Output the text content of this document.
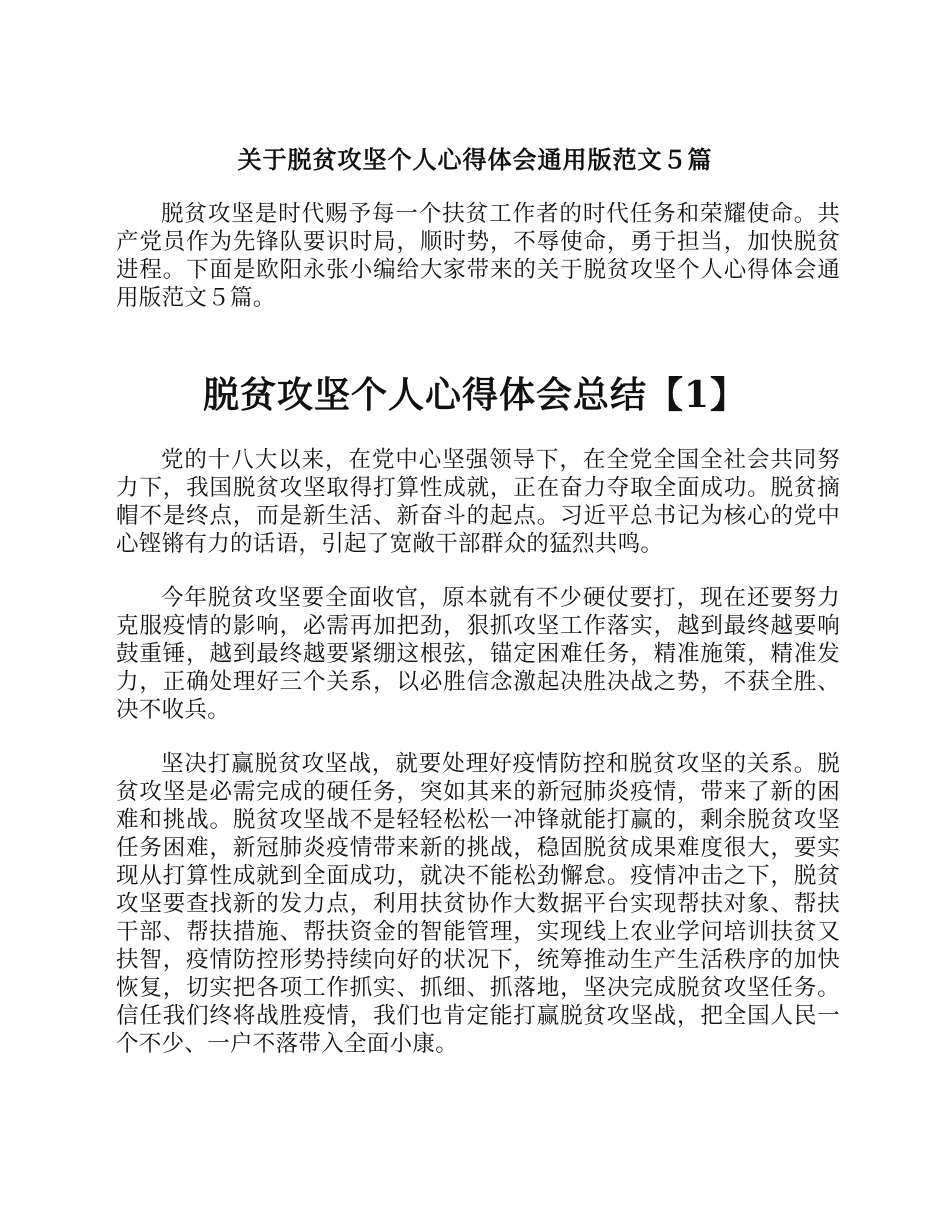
关于脱贫攻坚个人心得体会通用版范文５篇

脱贫攻坚是时代赐予每一个扶贫工作者的时代任务和荣耀使命。共产党员作为先锋队要识时局，顺时势，不辱使命，勇于担当，加快脱贫进程。下面是欧阳永张小编给大家带来的关于脱贫攻坚个人心得体会通用版范文５篇。

脱贫攻坚个人心得体会总结【1】

党的十八大以来，在党中心坚强领导下，在全党全国全社会共同努力下，我国脱贫攻坚取得打算性成就，正在奋力夺取全面成功。脱贫摘帽不是终点，而是新生活、新奋斗的起点。习近平总书记为核心的党中心铿锵有力的话语，引起了宽敞干部群众的猛烈共鸣。

今年脱贫攻坚要全面收官，原本就有不少硬仗要打，现在还要努力克服疫情的影响，必需再加把劲，狠抓攻坚工作落实，越到最终越要响鼓重锤，越到最终越要紧绷这根弦，锚定困难任务，精准施策，精准发力，正确处理好三个关系，以必胜信念激起决胜决战之势，不获全胜、决不收兵。

坚决打赢脱贫攻坚战，就要处理好疫情防控和脱贫攻坚的关系。脱贫攻坚是必需完成的硬任务，突如其来的新冠肺炎疫情，带来了新的困难和挑战。脱贫攻坚战不是轻轻松松一冲锋就能打赢的，剩余脱贫攻坚任务困难，新冠肺炎疫情带来新的挑战，稳固脱贫成果难度很大，要实现从打算性成就到全面成功，就决不能松劲懈怠。疫情冲击之下，脱贫攻坚要查找新的发力点，利用扶贫协作大数据平台实现帮扶对象、帮扶干部、帮扶措施、帮扶资金的智能管理，实现线上农业学问培训扶贫又扶智，疫情防控形势持续向好的状况下，统筹推动生产生活秩序的加快恢复，切实把各项工作抓实、抓细、抓落地，坚决完成脱贫攻坚任务。信任我们终将战胜疫情，我们也肯定能打赢脱贫攻坚战，把全国人民一个不少、一户不落带入全面小康。
